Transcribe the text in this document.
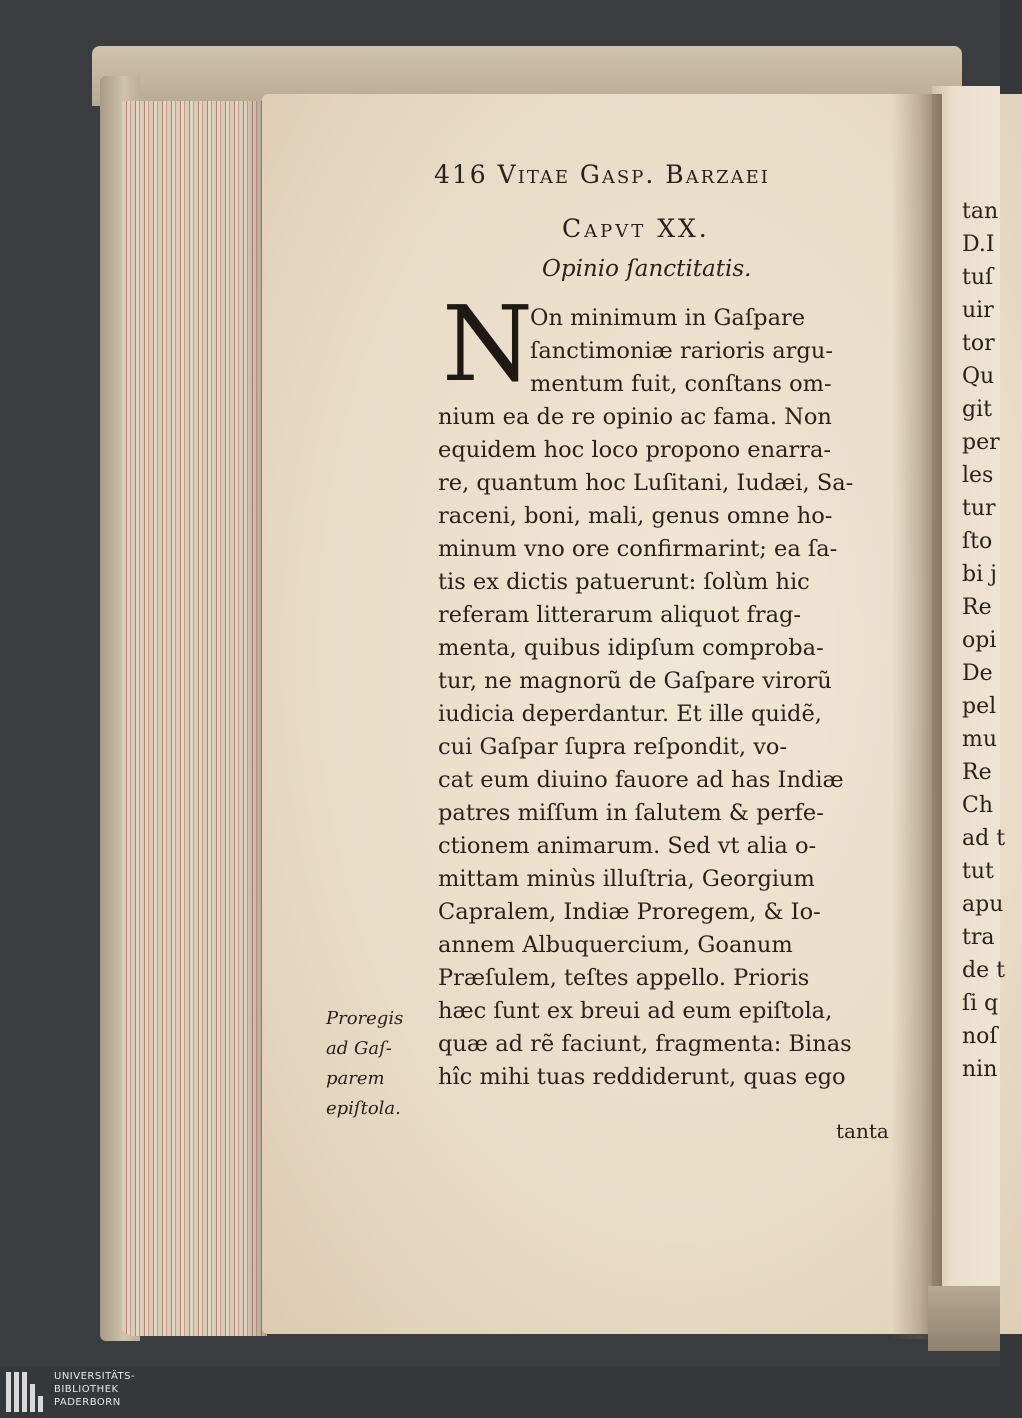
416 Vitae Gasp. Barzaei
Capvt XX.
Opinio ſanctitatis.
N
On minimum in Gaſpare
ſanctimoniæ rarioris argu-
mentum fuit, conſtans om-
nium ea de re opinio ac fama. Non
equidem hoc loco propono enarra-
re, quantum hoc Luſitani, Iudæi, Sa-
raceni, boni, mali, genus omne ho-
minum vno ore confirmarint; ea ſa-
tis ex dictis patuerunt: ſolùm hic
referam litterarum aliquot frag-
menta, quibus idipſum comproba-
tur, ne magnorũ de Gaſpare virorũ
iudicia deperdantur. Et ille quidẽ,
cui Gaſpar ſupra reſpondit, vo-
cat eum diuino fauore ad has Indiæ
patres miſſum in ſalutem & perfe-
ctionem animarum. Sed vt alia o-
mittam minùs illuſtria, Georgium
Capralem, Indiæ Proregem, & Io-
annem Albuquercium, Goanum
Præſulem, teſtes appello. Prioris
hæc ſunt ex breui ad eum epiſtola,
quæ ad rẽ faciunt, fragmenta: Binas
hîc mihi tuas reddiderunt, quas ego
tanta
Proregis
ad Gaſ-
parem
epiſtola.
tan
D.I
tuſ
uir
tor
Qu
git
per
les
tur
ſto
bi j
Re
opi
De
pel
mu
Re
Ch
ad t
tut
apu
tra
de t
ſi q
noſ
nin
UNIVERSITÄTS-
BIBLIOTHEK
PADERBORN
